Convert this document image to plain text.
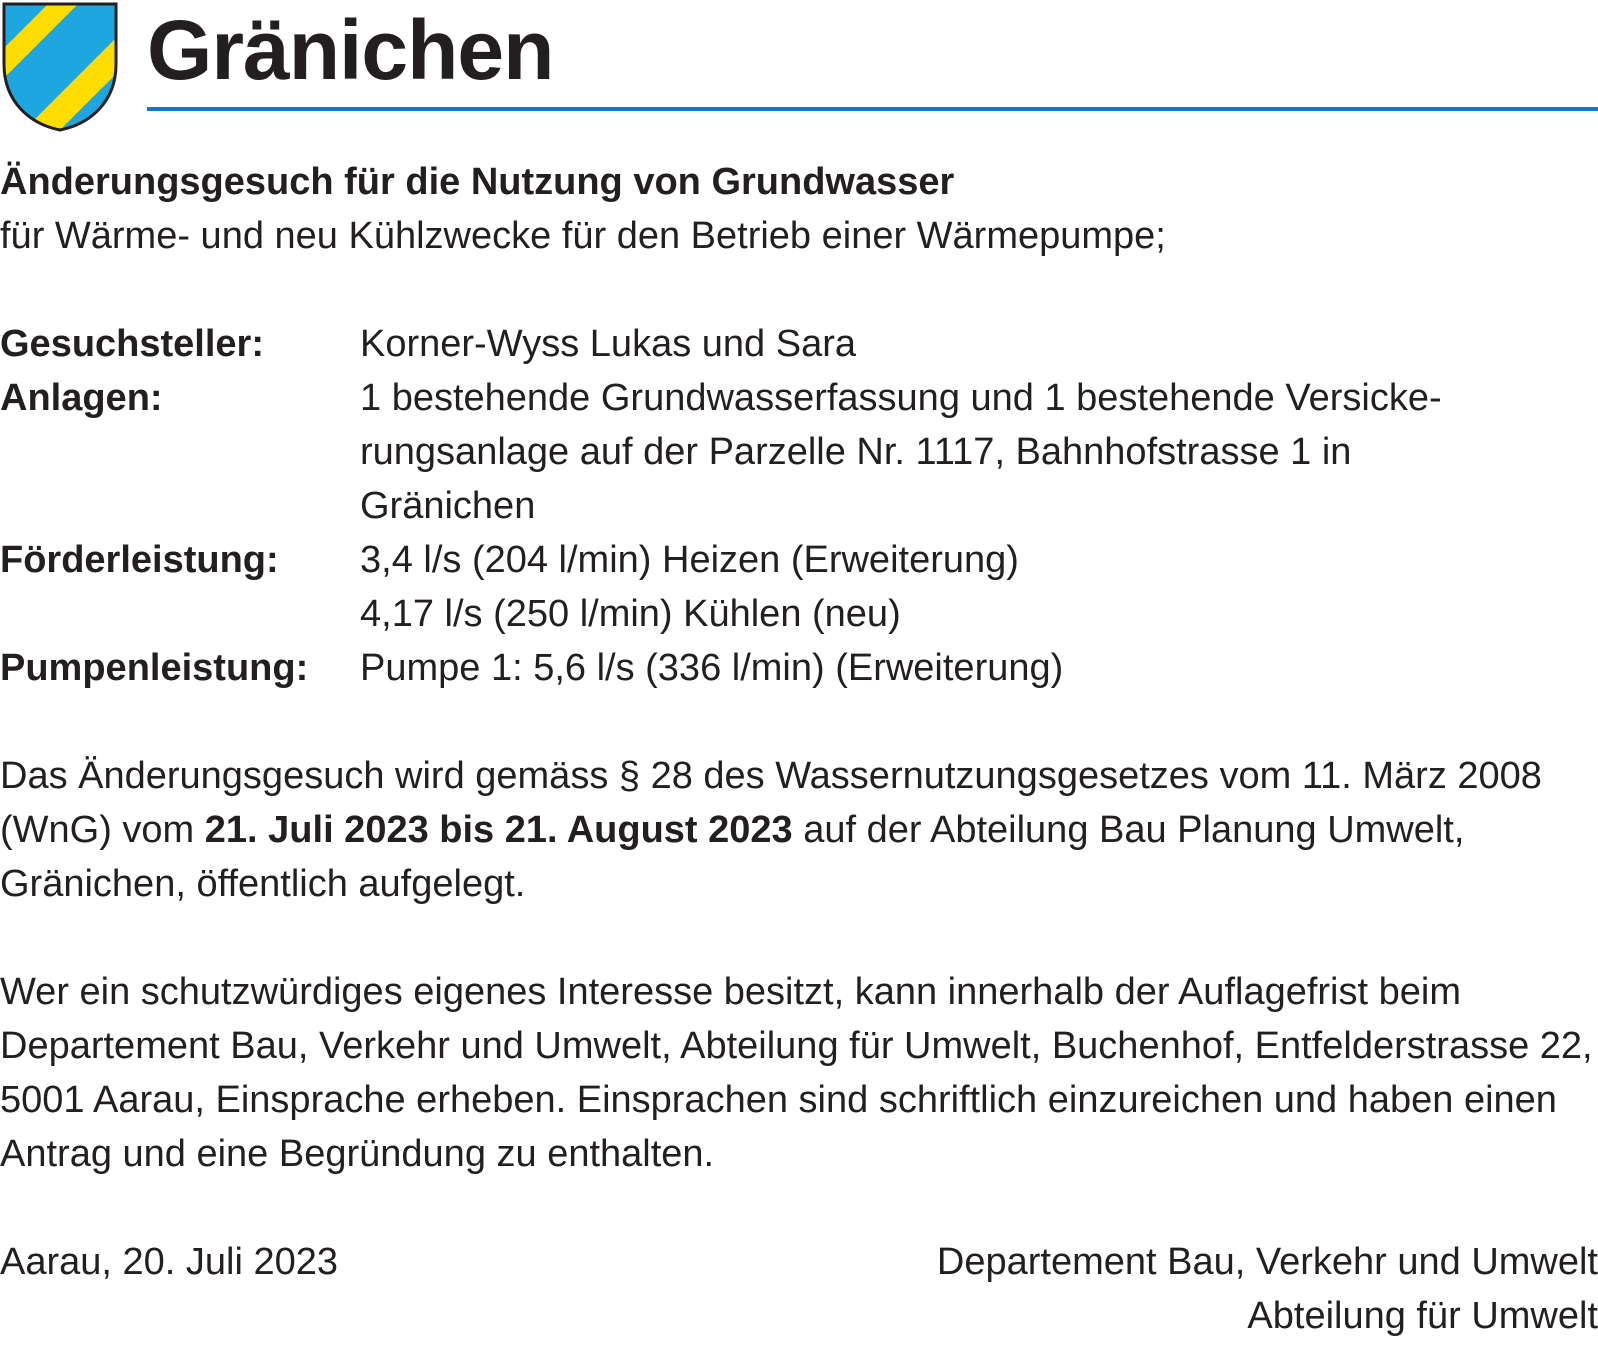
Gränichen

Änderungsgesuch für die Nutzung von Grundwasser

für Wärme- und neu Kühlzwecke für den Betrieb einer Wärmepumpe;

Gesuchsteller:	Korner-Wyss Lukas und Sara
Anlagen:	1 bestehende Grundwasserfassung und 1 bestehende Versicke-
rungsanlage auf der Parzelle Nr. 1117, Bahnhofstrasse 1 in
Gränichen
Förderleistung:	3,4 l/s (204 l/min) Heizen (Erweiterung)
4,17 l/s (250 l/min) Kühlen (neu)
Pumpenleistung:	Pumpe 1: 5,6 l/s (336 l/min) (Erweiterung)

Das Änderungsgesuch wird gemäss § 28 des Wassernutzungsgesetzes vom 11. März 2008 (WnG) vom 21. Juli 2023 bis 21. August 2023 auf der Abteilung Bau Planung Umwelt, Gränichen, öffentlich aufgelegt.

Wer ein schutzwürdiges eigenes Interesse besitzt, kann innerhalb der Auflagefrist beim Departement Bau, Verkehr und Umwelt, Abteilung für Umwelt, Buchenhof, Entfelderstrasse 22, 5001 Aarau, Einsprache erheben. Einsprachen sind schriftlich einzureichen und haben einen Antrag und eine Begründung zu enthalten.

Aarau, 20. Juli 2023	Departement Bau, Verkehr und Umwelt
Abteilung für Umwelt
